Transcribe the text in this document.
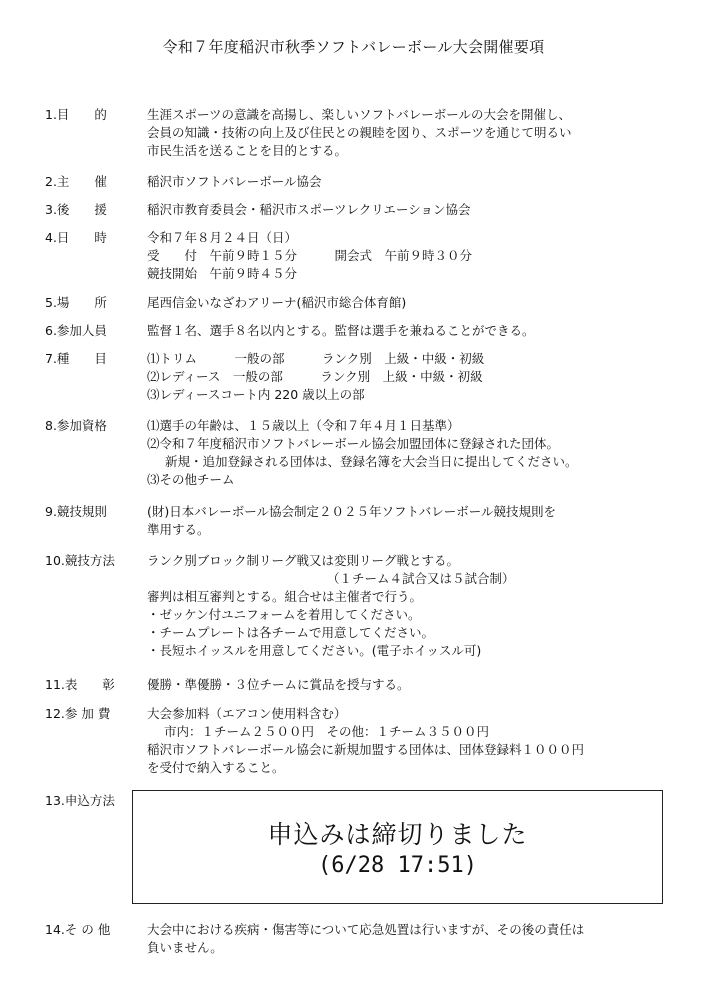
令和７年度稲沢市秋季ソフトバレーボール大会開催要項
1.目　　的	生涯スポーツの意識を高揚し、楽しいソフトバレーボールの大会を開催し、
会員の知識・技術の向上及び住民との親睦を図り、スポーツを通じて明るい
市民生活を送ることを目的とする。
2.主　　催	稲沢市ソフトバレーボール協会
3.後　　援	稲沢市教育委員会・稲沢市スポーツレクリエーション協会
4.日　　時	令和７年８月２４日（日）
受　　付　午前９時１５分　　　開会式　午前９時３０分
競技開始　午前９時４５分
5.場　　所	尾西信金いなざわアリーナ(稲沢市総合体育館)
6.参加人員	監督１名、選手８名以内とする。監督は選手を兼ねることができる。
7.種　　目	⑴トリム　　　一般の部　　　ランク別　上級・中級・初級
⑵レディース　一般の部　　　ランク別　上級・中級・初級
⑶レディースコート内 220 歳以上の部
8.参加資格	⑴選手の年齢は、１５歳以上（令和７年４月１日基準）
⑵令和７年度稲沢市ソフトバレーボール協会加盟団体に登録された団体。
新規・追加登録される団体は、登録名簿を大会当日に提出してください。
⑶その他チーム
9.競技規則	(財)日本バレーボール協会制定２０２５年ソフトバレーボール競技規則を
準用する。
10.競技方法	ランク別ブロック制リーグ戦又は変則リーグ戦とする。
（１チーム４試合又は５試合制）
審判は相互審判とする。組合せは主催者で行う。
・ゼッケン付ユニフォームを着用してください。
・チームプレートは各チームで用意してください。
・長短ホイッスルを用意してください。(電子ホイッスル可)
11.表　　彰	優勝・準優勝・３位チームに賞品を授与する。
12.参 加 費	大会参加料（エアコン使用料含む）
市内：１チーム２５００円　その他：１チーム３５００円
稲沢市ソフトバレーボール協会に新規加盟する団体は、団体登録料１０００円
を受付で納入すること。
13.申込方法
申込みは締切りました
(6/28 17:51)
14.そ の 他	大会中における疾病・傷害等について応急処置は行いますが、その後の責任は
負いません。
